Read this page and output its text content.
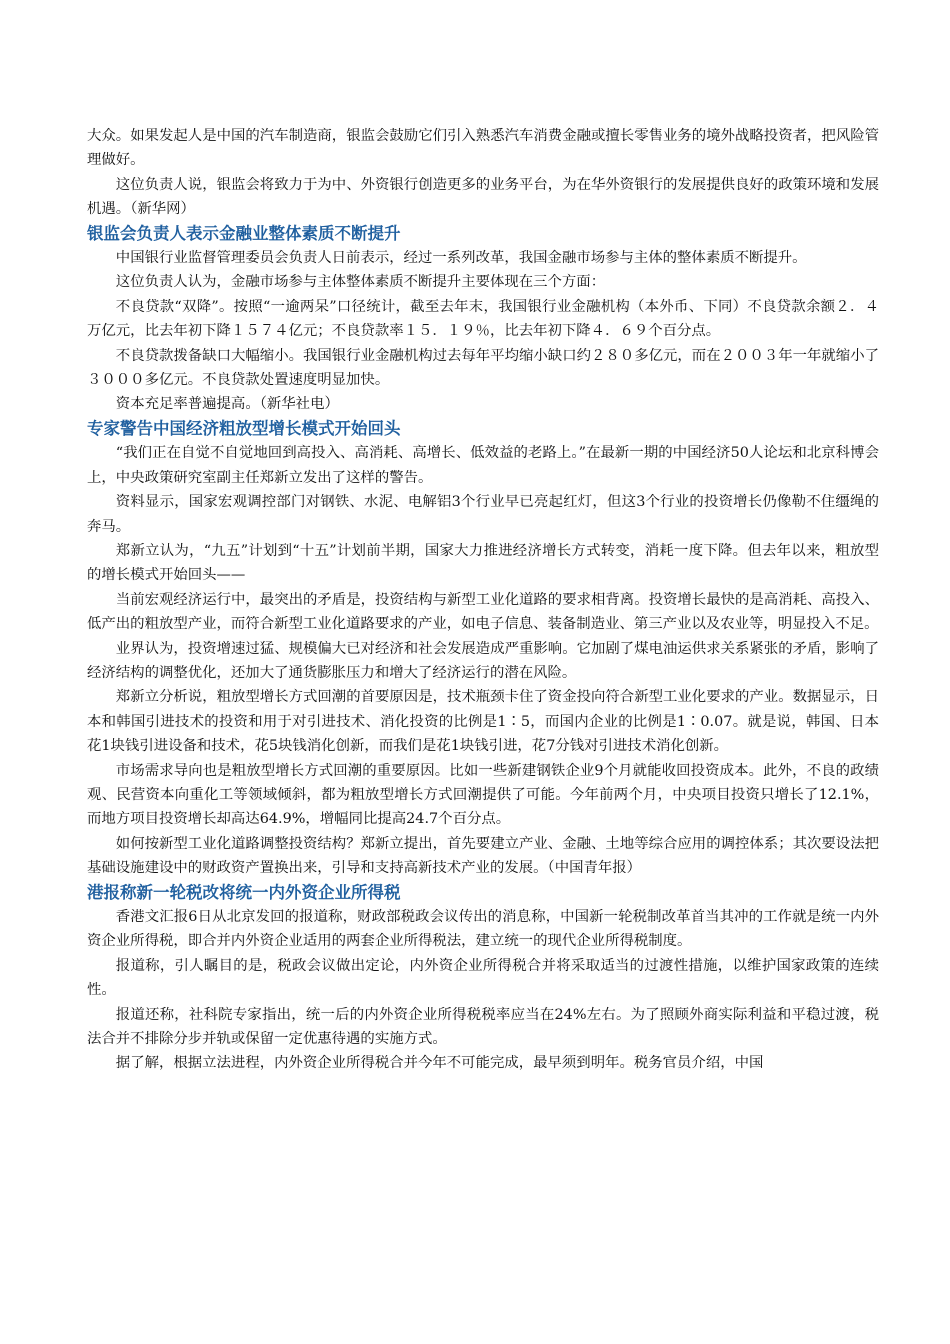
大众。如果发起人是中国的汽车制造商，银监会鼓励它们引入熟悉汽车消费金融或擅长零售业务的境外战略投资者，把风险管理做好。

这位负责人说，银监会将致力于为中、外资银行创造更多的业务平台，为在华外资银行的发展提供良好的政策环境和发展机遇。（新华网）

银监会负责人表示金融业整体素质不断提升

中国银行业监督管理委员会负责人日前表示，经过一系列改革，我国金融市场参与主体的整体素质不断提升。

这位负责人认为，金融市场参与主体整体素质不断提升主要体现在三个方面：

不良贷款“双降”。按照“一逾两呆”口径统计，截至去年末，我国银行业金融机构（本外币、下同）不良贷款余额２．４万亿元，比去年初下降１５７４亿元；不良贷款率１５．１９％，比去年初下降４．６９个百分点。

不良贷款拨备缺口大幅缩小。我国银行业金融机构过去每年平均缩小缺口约２８０多亿元，而在２００３年一年就缩小了３０００多亿元。不良贷款处置速度明显加快。

资本充足率普遍提高。（新华社电）

专家警告中国经济粗放型增长模式开始回头

“我们正在自觉不自觉地回到高投入、高消耗、高增长、低效益的老路上。”在最新一期的中国经济50人论坛和北京科博会上，中央政策研究室副主任郑新立发出了这样的警告。

资料显示，国家宏观调控部门对钢铁、水泥、电解铝3个行业早已亮起红灯，但这3个行业的投资增长仍像勒不住缰绳的奔马。

郑新立认为，“九五”计划到“十五”计划前半期，国家大力推进经济增长方式转变，消耗一度下降。但去年以来，粗放型的增长模式开始回头——

当前宏观经济运行中，最突出的矛盾是，投资结构与新型工业化道路的要求相背离。投资增长最快的是高消耗、高投入、低产出的粗放型产业，而符合新型工业化道路要求的产业，如电子信息、装备制造业、第三产业以及农业等，明显投入不足。

业界认为，投资增速过猛、规模偏大已对经济和社会发展造成严重影响。它加剧了煤电油运供求关系紧张的矛盾，影响了经济结构的调整优化，还加大了通货膨胀压力和增大了经济运行的潜在风险。

郑新立分析说，粗放型增长方式回潮的首要原因是，技术瓶颈卡住了资金投向符合新型工业化要求的产业。数据显示，日本和韩国引进技术的投资和用于对引进技术、消化投资的比例是1∶5，而国内企业的比例是1∶0.07。就是说，韩国、日本花1块钱引进设备和技术，花5块钱消化创新，而我们是花1块钱引进，花7分钱对引进技术消化创新。

市场需求导向也是粗放型增长方式回潮的重要原因。比如一些新建钢铁企业9个月就能收回投资成本。此外，不良的政绩观、民营资本向重化工等领域倾斜，都为粗放型增长方式回潮提供了可能。今年前两个月，中央项目投资只增长了12.1%，而地方项目投资增长却高达64.9%，增幅同比提高24.7个百分点。

如何按新型工业化道路调整投资结构？郑新立提出，首先要建立产业、金融、土地等综合应用的调控体系；其次要设法把基础设施建设中的财政资产置换出来，引导和支持高新技术产业的发展。（中国青年报）

港报称新一轮税改将统一内外资企业所得税

香港文汇报6日从北京发回的报道称，财政部税政会议传出的消息称，中国新一轮税制改革首当其冲的工作就是统一内外资企业所得税，即合并内外资企业适用的两套企业所得税法，建立统一的现代企业所得税制度。

报道称，引人瞩目的是，税政会议做出定论，内外资企业所得税合并将采取适当的过渡性措施，以维护国家政策的连续性。

报道还称，社科院专家指出，统一后的内外资企业所得税税率应当在24%左右。为了照顾外商实际利益和平稳过渡，税法合并不排除分步并轨或保留一定优惠待遇的实施方式。

据了解，根据立法进程，内外资企业所得税合并今年不可能完成，最早须到明年。税务官员介绍，中国
